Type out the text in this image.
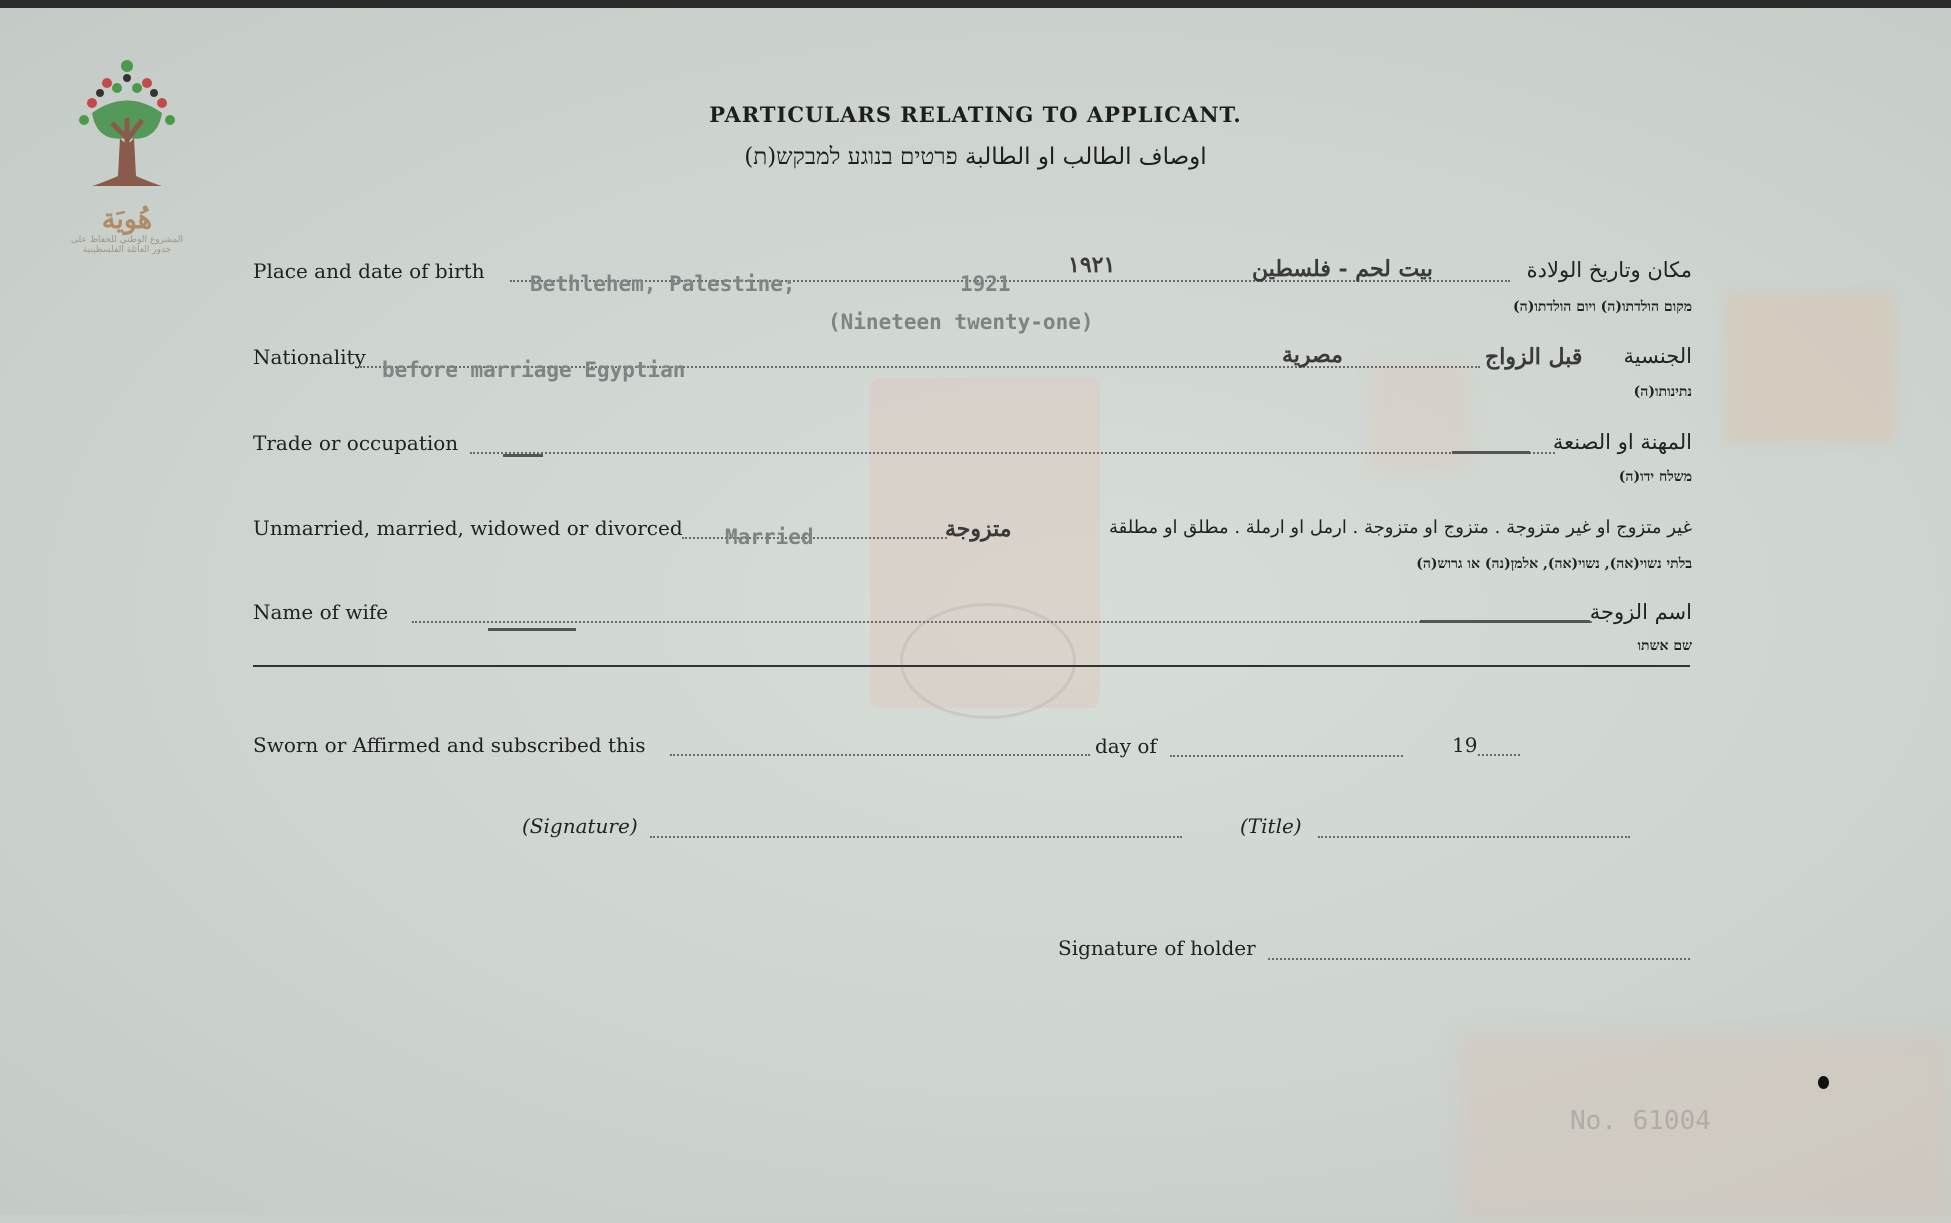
هُويَة
المشروع الوطني للحفاظ على
جذور العائلة الفلسطينية
PARTICULARS RELATING TO APPLICANT.
اوصاف الطالب او الطالبة פרטים בנוגע למבקש(ת)
Place and date of birth
Bethlehem, Palestine;	1921
١٩٢١	بيت لحم - فلسطين	مكان وتاريخ الولادة
מקום הולדתו(ה) ויום הולדתו(ה)
(Nineteen twenty-one)
Nationality
before marriage Egyptian
مصرية	قبل الزواج الجنسية
נתינותו(ה)
Trade or occupation	المهنة او الصنعة
משלח ידו(ה)
Unmarried, married, widowed or divorced Married	متزوجة	غير متزوج او غير متزوجة . متزوج او متزوجة . ارمل او ارملة . مطلق او مطلقة
בלתי נשוי(אה), נשוי(אה), אלמן(נה) או גרוש(ה)
Name of wife	اسم الزوجة
שם אשתו
Sworn or Affirmed and subscribed this	day of	19
(Signature)	(Title)
Signature of holder
No. 61004
